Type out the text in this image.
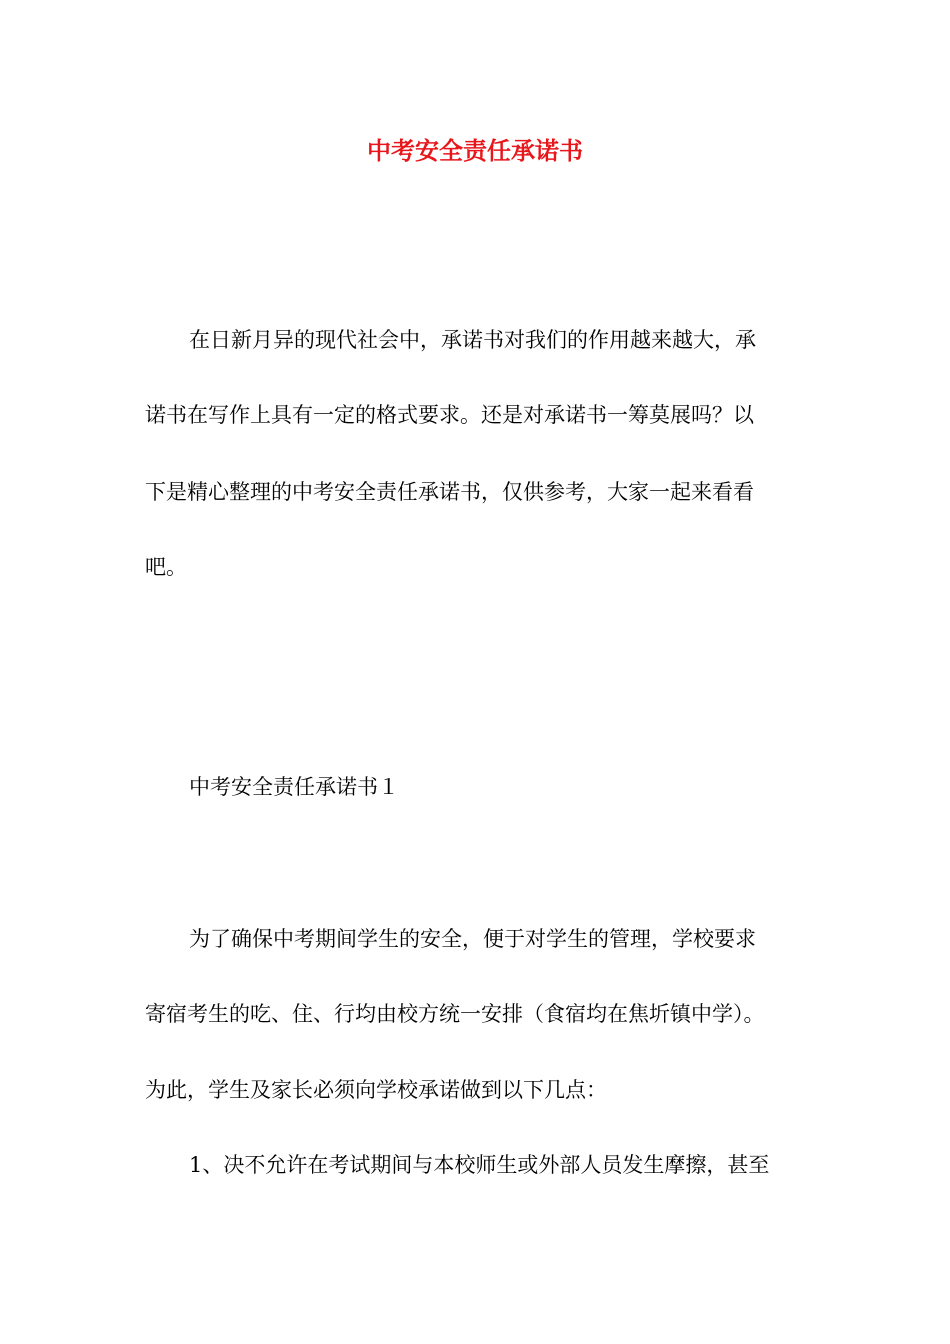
中考安全责任承诺书
在日新月异的现代社会中，承诺书对我们的作用越来越大，承
诺书在写作上具有一定的格式要求。还是对承诺书一筹莫展吗？以
下是精心整理的中考安全责任承诺书，仅供参考，大家一起来看看
吧。
中考安全责任承诺书１
为了确保中考期间学生的安全，便于对学生的管理，学校要求
寄宿考生的吃、住、行均由校方统一安排（食宿均在焦圻镇中学）。
为此，学生及家长必须向学校承诺做到以下几点：
1、决不允许在考试期间与本校师生或外部人员发生摩擦，甚至
